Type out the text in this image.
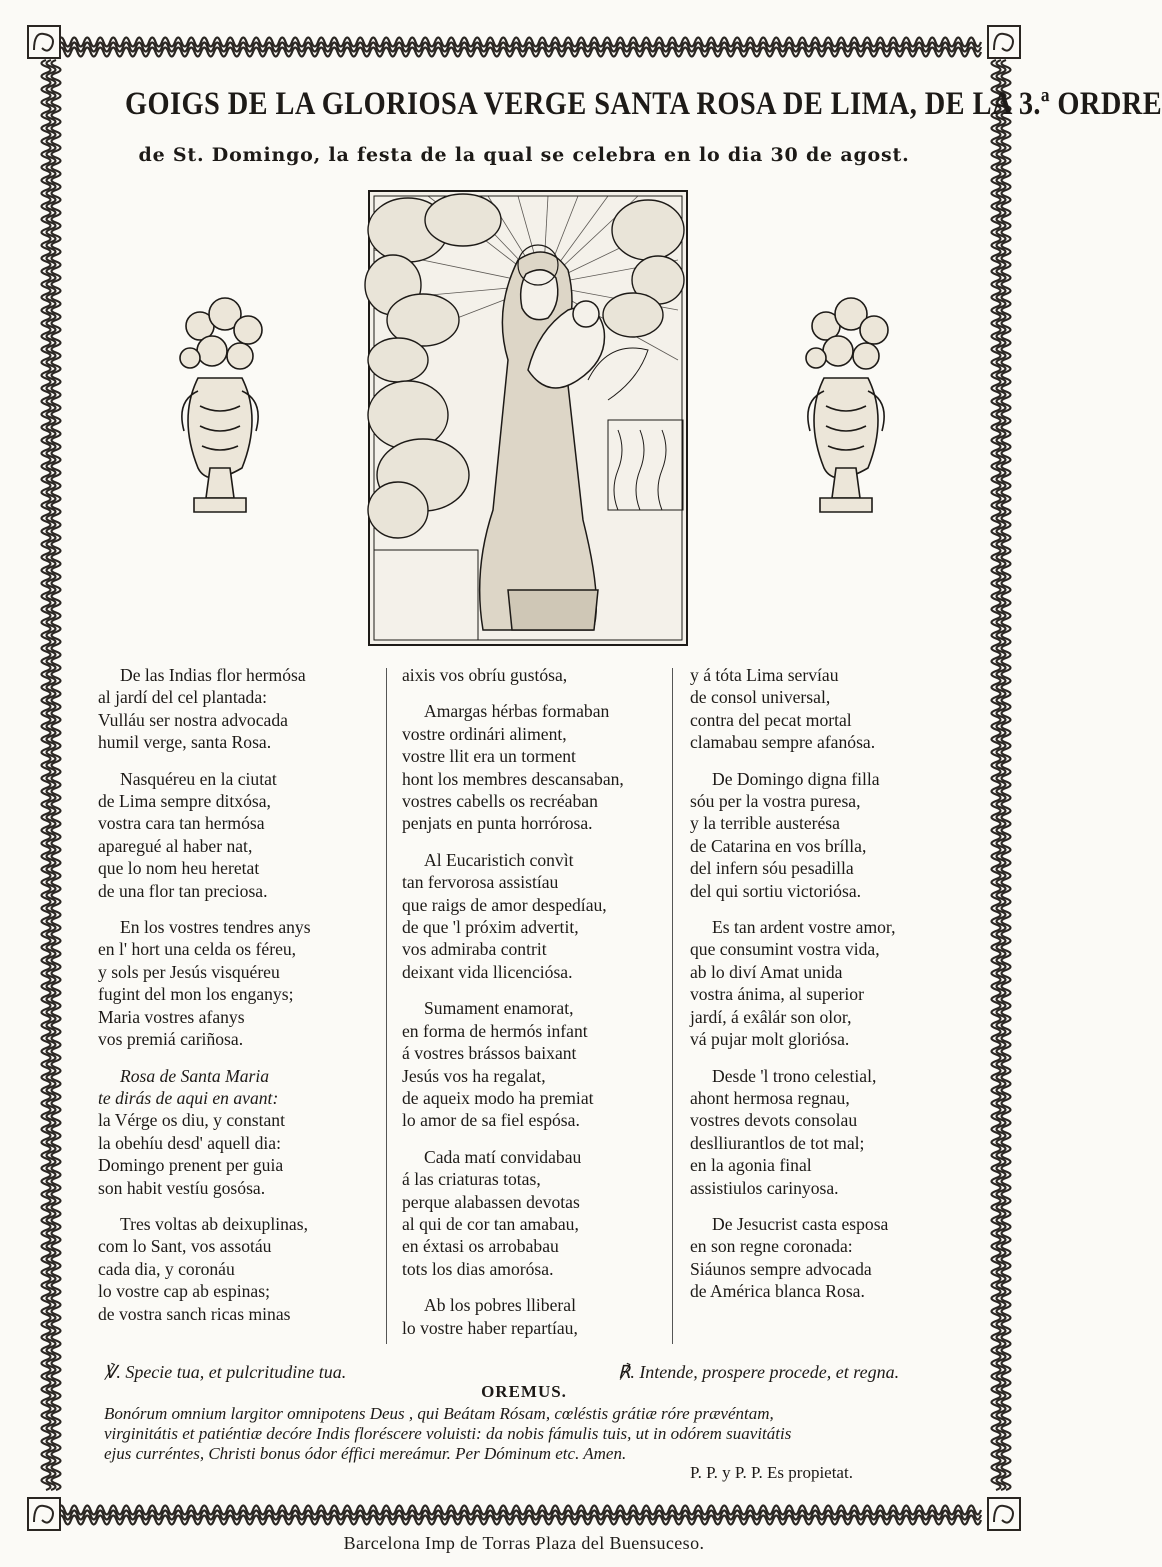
GOIGS DE LA GLORIOSA VERGE SANTA ROSA DE LIMA, DE LA 3.ª ORDRE
de St. Domingo, la festa de la qual se celebra en lo dia 30 de agost.
De las Indias flor hermósa
al jardí del cel plantada:
Vulláu ser nostra advocada
humil verge, santa Rosa.
Nasquéreu en la ciutat
de Lima sempre ditxósa,
vostra cara tan hermósa
aparegué al haber nat,
que lo nom heu heretat
de una flor tan preciosa.
En los vostres tendres anys
en l' hort una celda os féreu,
y sols per Jesús visquéreu
fugint del mon los enganys;
Maria vostres afanys
vos premiá cariñosa.
Rosa de Santa Maria
te dirás de aqui en avant:
la Vérge os diu, y constant
la obehíu desd' aquell dia:
Domingo prenent per guia
son habit vestíu gosósa.
Tres voltas ab deixuplinas,
com lo Sant, vos assotáu
cada dia, y coronáu
lo vostre cap ab espinas;
de vostra sanch ricas minas
aixis vos obríu gustósa,
Amargas hérbas formaban
vostre ordinári aliment,
vostre llit era un torment
hont los membres descansaban,
vostres cabells os recréaban
penjats en punta horrórosa.
Al Eucaristich convìt
tan fervorosa assistíau
que raigs de amor despedíau,
de que 'l próxim advertit,
vos admiraba contrit
deixant vida llicenciósa.
Sumament enamorat,
en forma de hermós infant
á vostres brássos baixant
Jesús vos ha regalat,
de aqueix modo ha premiat
lo amor de sa fiel espósa.
Cada matí convidabau
á las criaturas totas,
perque alabassen devotas
al qui de cor tan amabau,
en éxtasi os arrobabau
tots los dias amorósa.
Ab los pobres lliberal
lo vostre haber repartíau,
y á tóta Lima servíau
de consol universal,
contra del pecat mortal
clamabau sempre afanósa.
De Domingo digna filla
sóu per la vostra puresa,
y la terrible austerésa
de Catarina en vos brílla,
del infern sóu pesadilla
del qui sortiu victoriósa.
Es tan ardent vostre amor,
que consumint vostra vida,
ab lo diví Amat unida
vostra ánima, al superior
jardí, á exâlár son olor,
vá pujar molt gloriósa.
Desde 'l trono celestial,
ahont hermosa regnau,
vostres devots consolau
deslliurantlos de tot mal;
en la agonia final
assistiulos carinyosa.
De Jesucrist casta esposa
en son regne coronada:
Siáunos sempre advocada
de América blanca Rosa.
℣. Specie tua, et pulcritudine tua.	℟. Intende, prospere procede, et regna.
OREMUS.
Bonórum omnium largitor omnipotens Deus , qui Beátam Rósam, cœléstis grátiæ róre prævéntam,
virginitátis et patiéntiæ decóre Indis floréscere voluisti: da nobis fámulis tuis, ut in odórem suavitátis
ejus curréntes, Christi bonus ódor éffici mereámur. Per Dóminum etc. Amen.
P. P. y P. P. Es propietat.
Barcelona Imp de Torras Plaza del Buensuceso.
